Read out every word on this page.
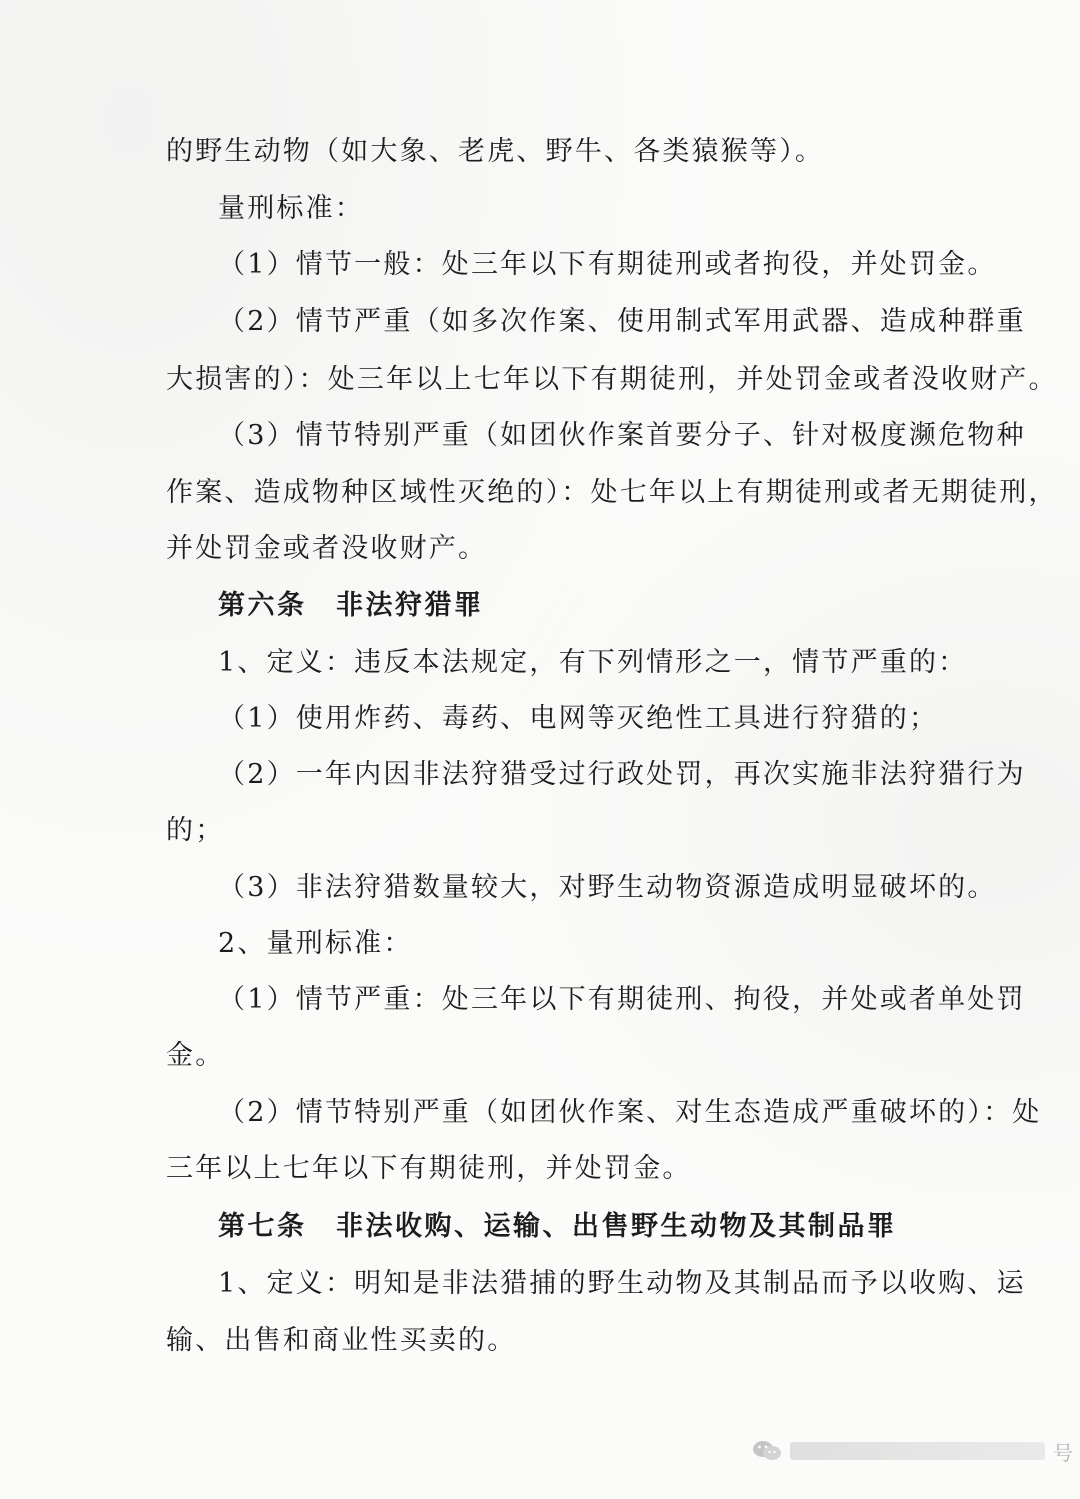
的野生动物（如大象、老虎、野牛、各类猿猴等）。
量刑标准：
（1）情节一般：处三年以下有期徒刑或者拘役，并处罚金。
（2）情节严重（如多次作案、使用制式军用武器、造成种群重
大损害的）：处三年以上七年以下有期徒刑，并处罚金或者没收财产。
（3）情节特别严重（如团伙作案首要分子、针对极度濒危物种
作案、造成物种区域性灭绝的）：处七年以上有期徒刑或者无期徒刑，
并处罚金或者没收财产。
第六条　非法狩猎罪
1、定义：违反本法规定，有下列情形之一，情节严重的：
（1）使用炸药、毒药、电网等灭绝性工具进行狩猎的；
（2）一年内因非法狩猎受过行政处罚，再次实施非法狩猎行为
的；
（3）非法狩猎数量较大，对野生动物资源造成明显破坏的。
2、量刑标准：
（1）情节严重：处三年以下有期徒刑、拘役，并处或者单处罚
金。
（2）情节特别严重（如团伙作案、对生态造成严重破坏的）：处
三年以上七年以下有期徒刑，并处罚金。
第七条　非法收购、运输、出售野生动物及其制品罪
1、定义：明知是非法猎捕的野生动物及其制品而予以收购、运
输、出售和商业性买卖的。
号
